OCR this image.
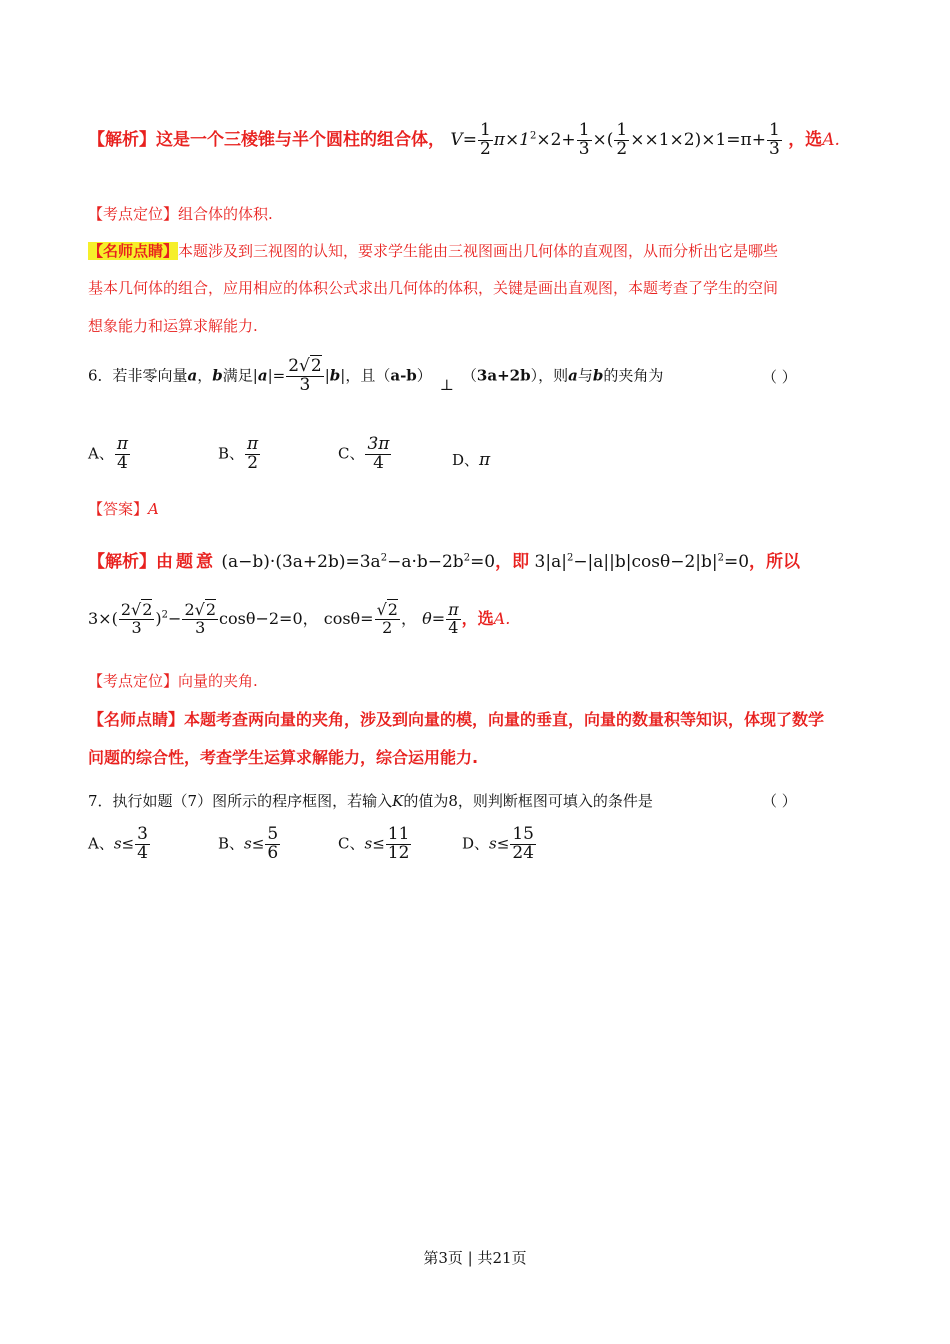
【解析】这是一个三棱锥与半个圆柱的组合体， $V= \frac{1}{2} \pi\times 1^2\times 2+ \frac{1}{3}$ ×( $\frac{1}{2} \times\times 1\times 2)\times 1=\pi+ \frac{1}{3}$ ，选A.
【考点定位】组合体的体积.
【名师点睛】本题涉及到三视图的认知，要求学生能由三视图画出几何体的直观图，从而分析出它是哪些
基本几何体的组合，应用相应的体积公式求出几何体的体积，关键是画出直观图，本题考查了学生的空间
想象能力和运算求解能力.
6．若非零向量a，b满足$|a|= \frac{2√2}{3} |b|$，且（a-b）⊥（3a+2b），则a与b的夹角为	（ ）
A、 $\frac{\pi}{4}$	B、 $\frac{\pi}{2}$	C、 $\frac{3\pi}{4}$	D、π
【答案】A
【解析】由题意 $(a-b)\cdot(3a+2b)=3a^2-a\cdot b-2b^2=0$，即 $3|a|^2-|a||b|\cos\theta-2|b|^2=0$，所以
$3\times( \frac{2√2}{3} )^2- \frac{2√2}{3} \cos\theta-2=0$， $\cos\theta= \frac{√2}{2}$ ， $\theta= \frac{\pi}{4}$ ，选A.
【考点定位】向量的夹角.
【名师点睛】本题考查两向量的夹角，涉及到向量的模，向量的垂直，向量的数量积等知识，体现了数学
问题的综合性，考查学生运算求解能力，综合运用能力.
7．执行如题（7）图所示的程序框图，若输入K的值为8，则判断框图可填入的条件是	（ ）
A、$s\le \frac{3}{4}$	B、$s\le \frac{5}{6}$	C、$s\le \frac{11}{12}$	D、$s\le \frac{15}{24}$
第3页 | 共21页
